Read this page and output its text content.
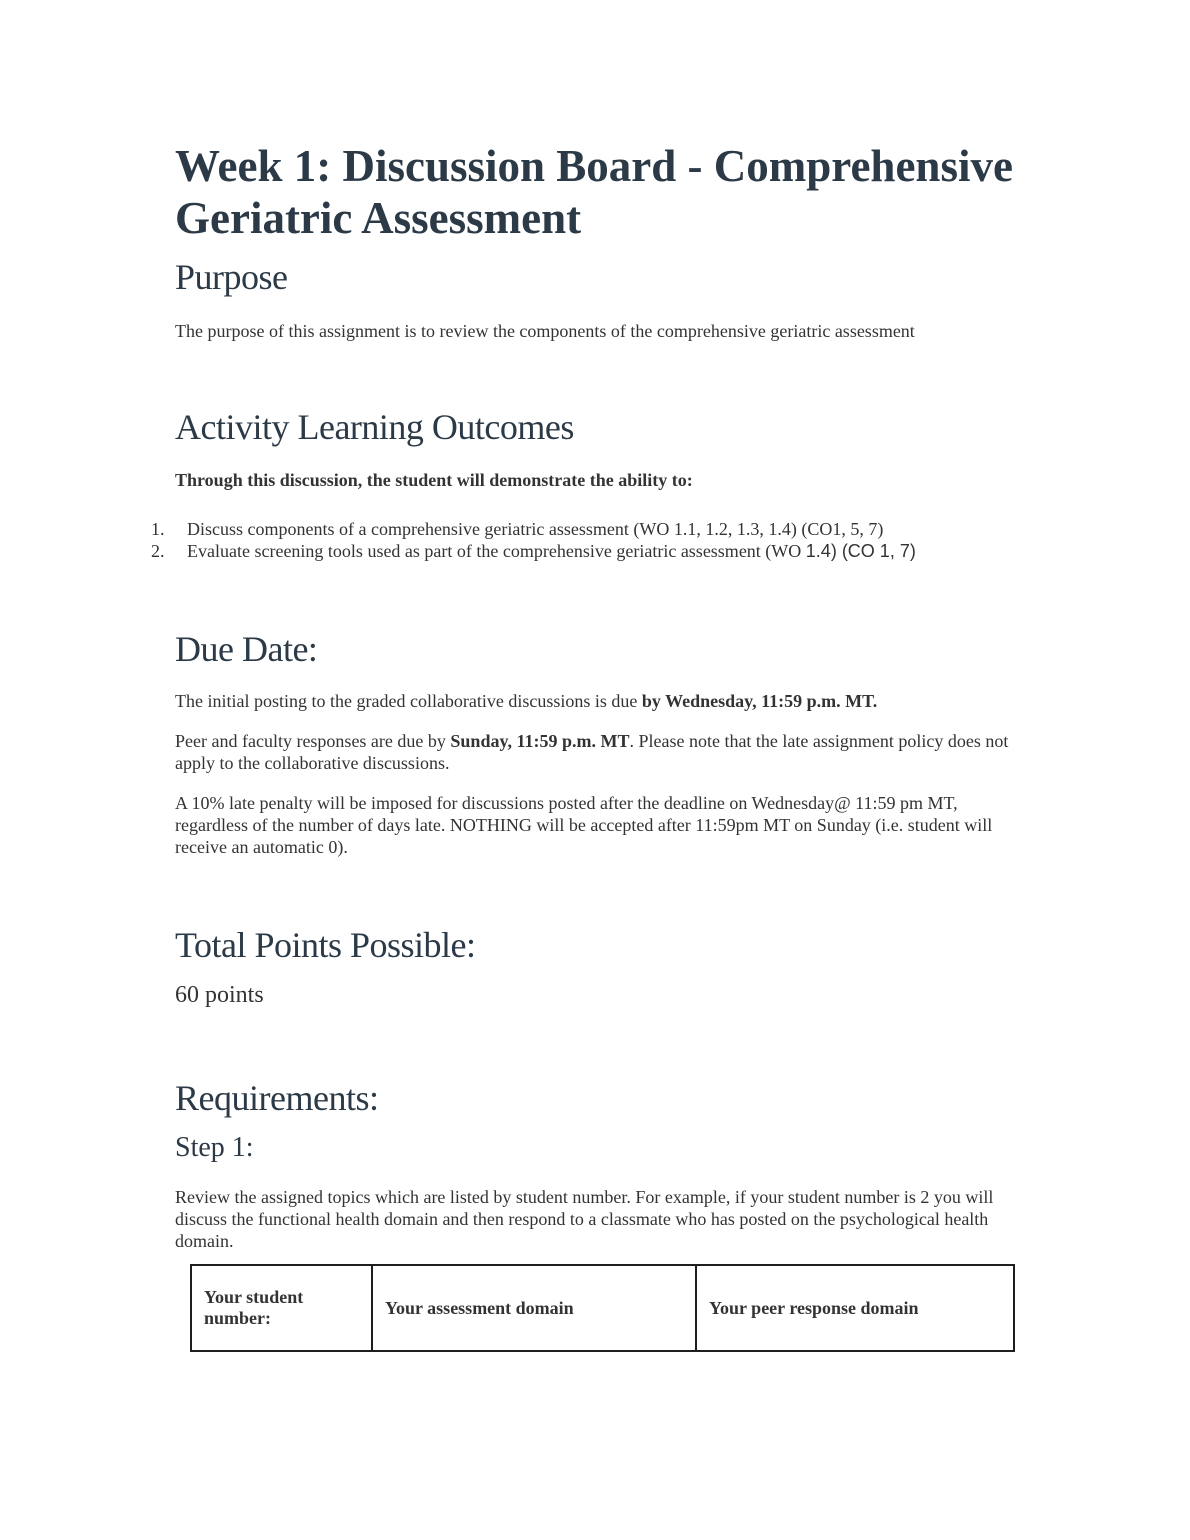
Week 1: Discussion Board - Comprehensive Geriatric Assessment
Purpose

The purpose of this assignment is to review the components of the comprehensive geriatric assessment

Activity Learning Outcomes

Through this discussion, the student will demonstrate the ability to:

1.	Discuss components of a comprehensive geriatric assessment (WO 1.1, 1.2, 1.3, 1.4) (CO1, 5, 7)
2.	Evaluate screening tools used as part of the comprehensive geriatric assessment (WO 1.4) (CO 1, 7)
Due Date:

The initial posting to the graded collaborative discussions is due by Wednesday, 11:59 p.m. MT.

Peer and faculty responses are due by Sunday, 11:59 p.m. MT. Please note that the late assignment policy does not apply to the collaborative discussions.

A 10% late penalty will be imposed for discussions posted after the deadline on Wednesday@ 11:59 pm MT, regardless of the number of days late. NOTHING will be accepted after 11:59pm MT on Sunday (i.e. student will receive an automatic 0).

Total Points Possible:

60 points

Requirements:
Step 1:

Review the assigned topics which are listed by student number. For example, if your student number is 2 you will discuss the functional health domain and then respond to a classmate who has posted on the psychological health domain.

Your student number:	Your assessment domain	Your peer response domain
